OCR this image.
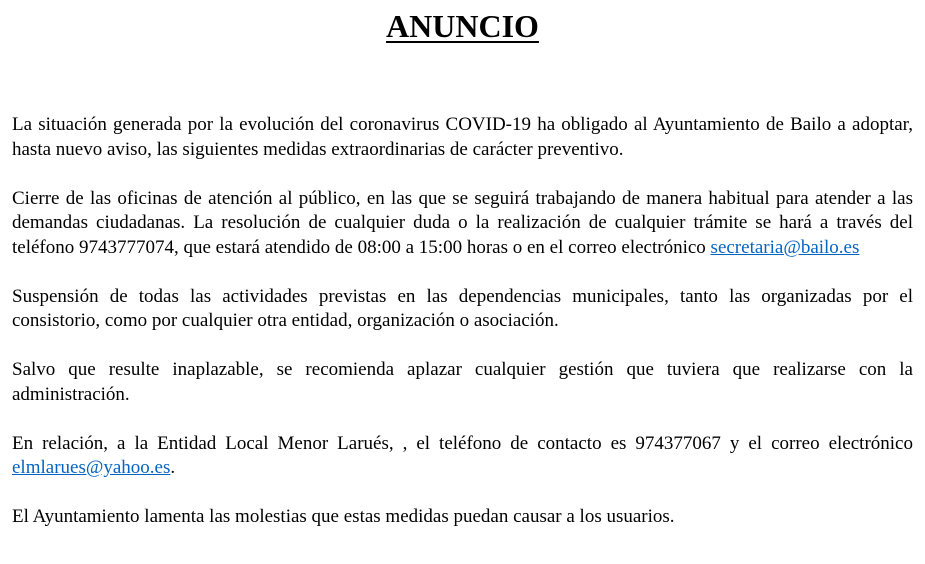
ANUNCIO

La situación generada por la evolución del coronavirus COVID-19 ha obligado al Ayuntamiento de Bailo a adoptar, hasta nuevo aviso, las siguientes medidas extraordinarias de carácter preventivo.

Cierre de las oficinas de atención al público, en las que se seguirá trabajando de manera habitual para atender a las demandas ciudadanas. La resolución de cualquier duda o la realización de cualquier trámite se hará a través del teléfono 9743777074, que estará atendido de 08:00 a 15:00 horas o en el correo electrónico secretaria@bailo.es

Suspensión de todas las actividades previstas en las dependencias municipales, tanto las organizadas por el consistorio, como por cualquier otra entidad, organización o asociación.

Salvo que resulte inaplazable, se recomienda aplazar cualquier gestión que tuviera que realizarse con la administración.

En relación, a la Entidad Local Menor Larués, , el teléfono de contacto es 974377067 y el correo electrónico elmlarues@yahoo.es.

El Ayuntamiento lamenta las molestias que estas medidas puedan causar a los usuarios.
